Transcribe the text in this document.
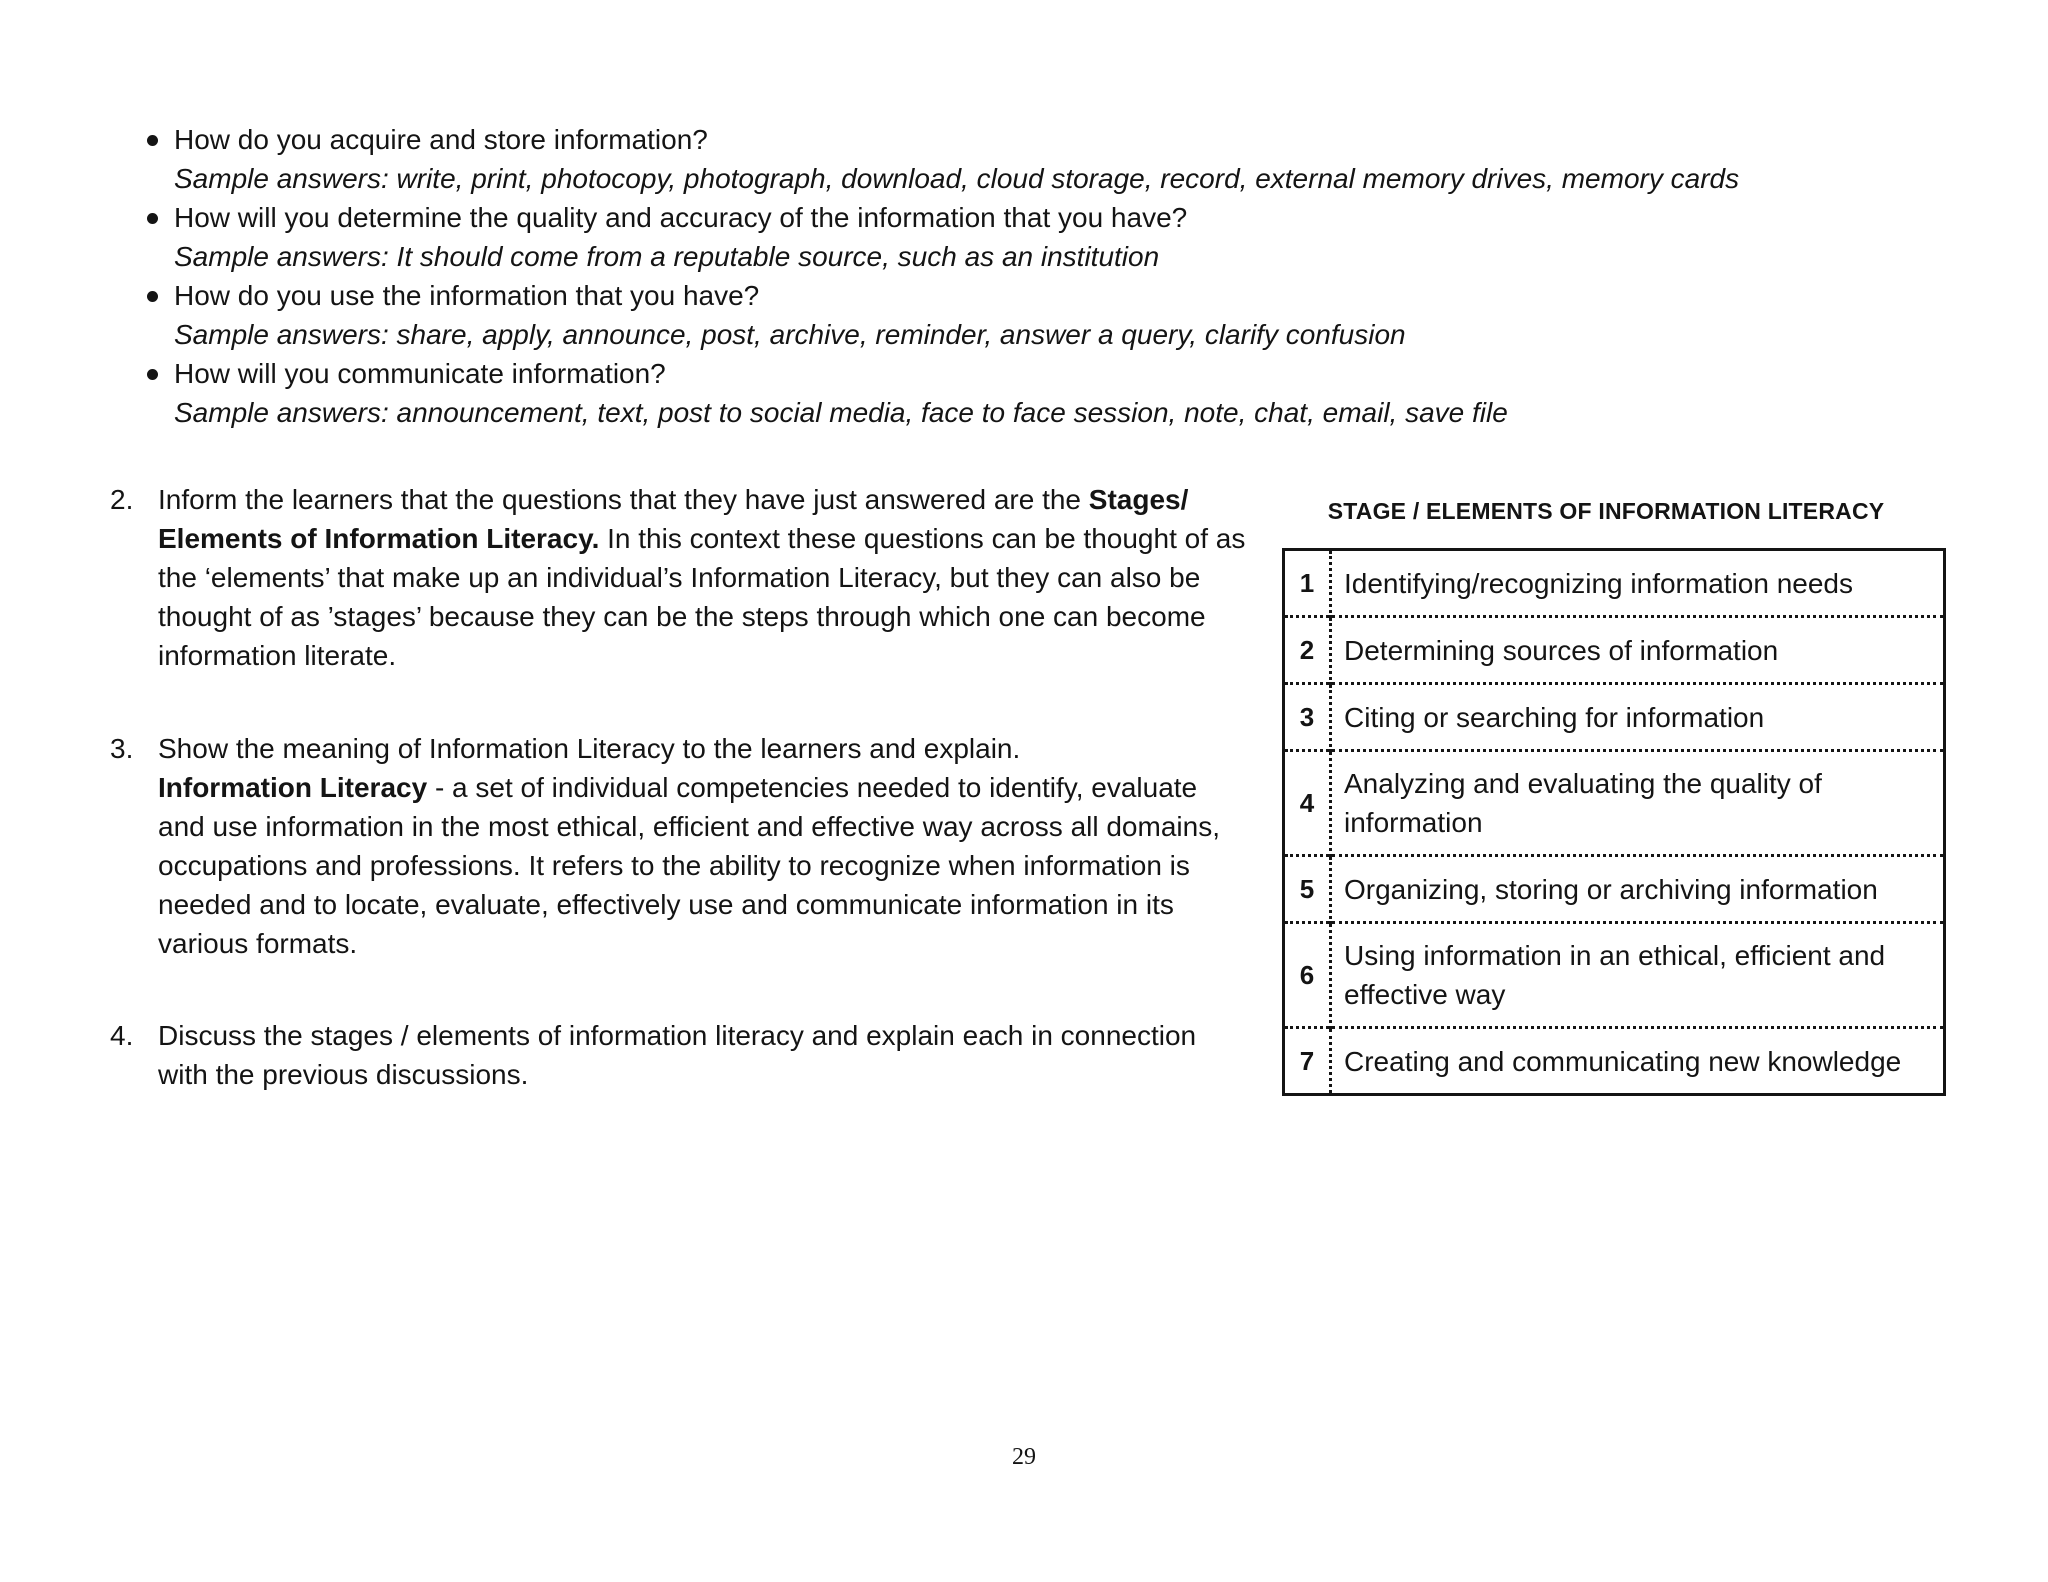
How do you acquire and store information?
Sample answers: write, print, photocopy, photograph, download, cloud storage, record, external memory drives, memory cards
How will you determine the quality and accuracy of the information that you have?
Sample answers: It should come from a reputable source, such as an institution
How do you use the information that you have?
Sample answers: share, apply, announce, post, archive, reminder, answer a query, clarify confusion
How will you communicate information?
Sample answers: announcement, text, post to social media, face to face session, note, chat, email, save file
2. Inform the learners that the questions that they have just answered are the Stages/ Elements of Information Literacy. In this context these questions can be thought of as the ‘elements’ that make up an individual’s Information Literacy, but they can also be thought of as ’stages’ because they can be the steps through which one can become information literate.
3. Show the meaning of Information Literacy to the learners and explain.
Information Literacy - a set of individual competencies needed to identify, evaluate and use information in the most ethical, efficient and effective way across all domains, occupations and professions. It refers to the ability to recognize when information is needed and to locate, evaluate, effectively use and communicate information in its various formats.
4. Discuss the stages / elements of information literacy and explain each in connection with the previous discussions.
STAGE / ELEMENTS OF INFORMATION LITERACY
1	Identifying/recognizing information needs
2	Determining sources of information
3	Citing or searching for information
4	Analyzing and evaluating the quality of information
5	Organizing, storing or archiving information
6	Using information in an ethical, efficient and effective way
7	Creating and communicating new knowledge
29
